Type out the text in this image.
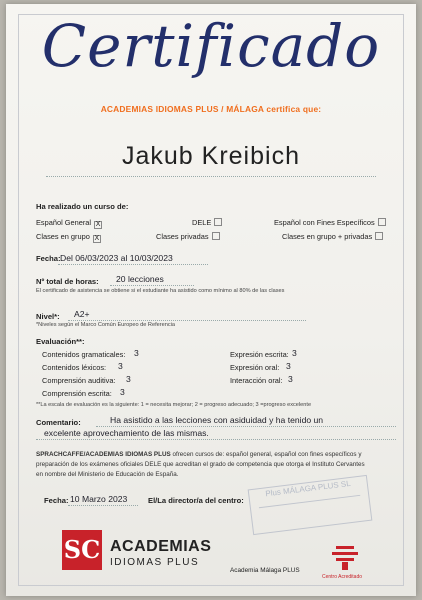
Certificado
ACADEMIAS IDIOMAS PLUS / MÁLAGA certifica que:
Jakub Kreibich
Ha realizado un curso de:
Español General X	DELE	Español con Fines Específicos
Clases en grupo X	Clases privadas	Clases en grupo + privadas
Fecha: Del 06/03/2023 al 10/03/2023
Nº total de horas: 20 lecciones
El certificado de asistencia se obtiene si el estudiante ha asistido como mínimo al 80% de las clases
Nivel*: A2+
*Niveles según el Marco Común Europeo de Referencia
Evaluación**:
Contenidos gramaticales: 3	Expresión escrita: 3
Contenidos léxicos: 3	Expresión oral: 3
Comprensión auditiva: 3	Interacción oral: 3
Comprensión escrita: 3
**La escala de evaluación es la siguiente: 1 = necesita mejorar; 2 = progreso adecuado; 3 =progreso excelente
Comentario:	Ha asistido a las lecciones con asiduidad y ha tenido un
excelente aprovechamiento de las mismas.
SPRACHCAFFE/ACADEMIAS IDIOMAS PLUS ofrecen cursos de: español general, español con fines específicos y
preparación de los exámenes oficiales DELE que acreditan el grado de competencia que otorga el Instituto Cervantes
en nombre del Ministerio de Educación de España.
Fecha: 10 Marzo 2023	El/La director/a del centro:
Plus MÁLAGA PLUS SL
SC ACADEMIAS
IDIOMAS PLUS
Academia Málaga PLUS
Centro Acreditado
